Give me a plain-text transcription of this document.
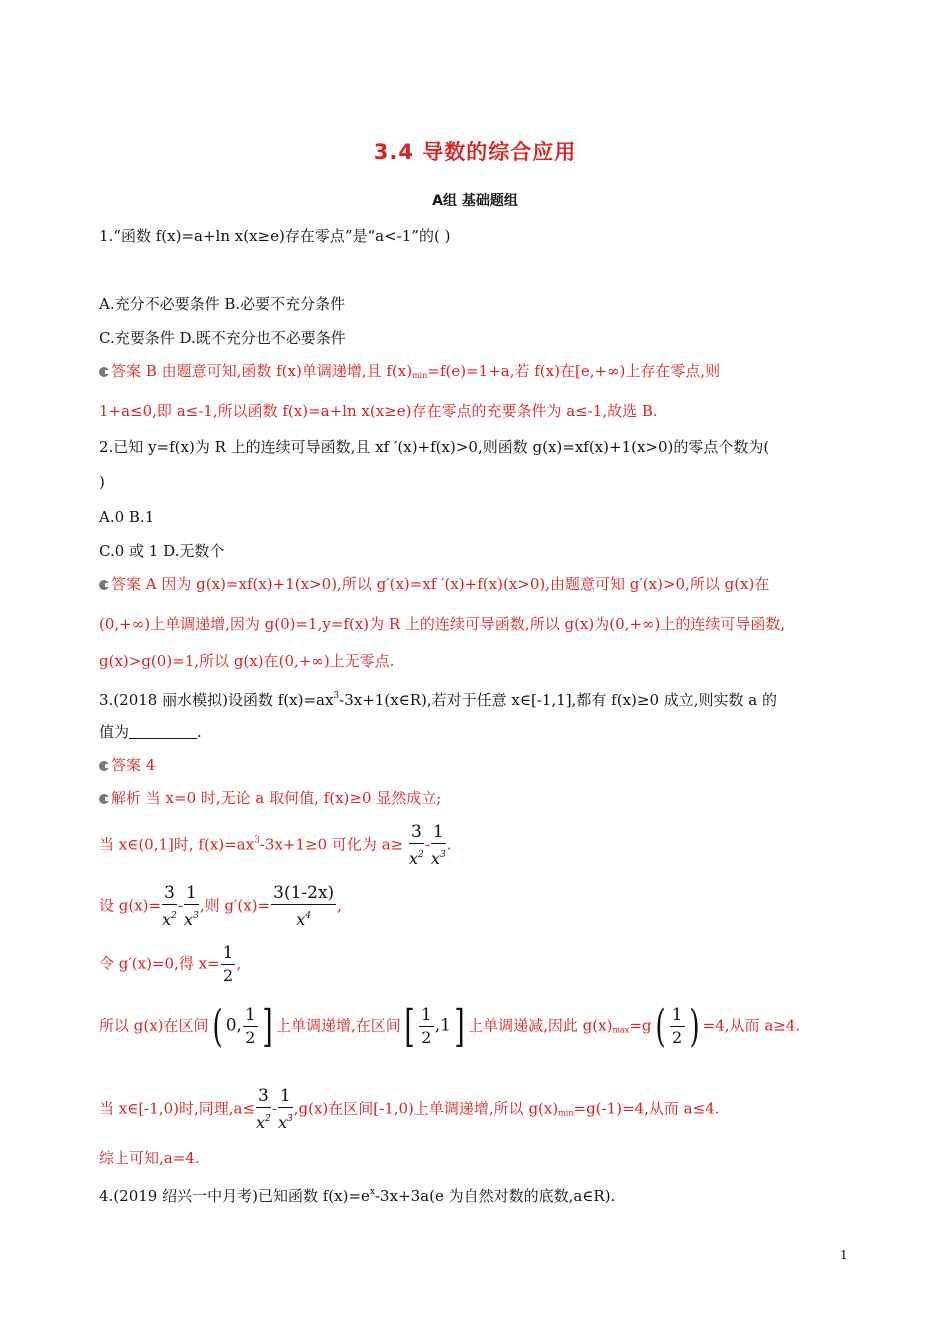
3.4 导数的综合应用
A组 基础题组
1.“函数 f(x)=a+ln x(x≥e)存在零点”是“a<-1”的( )
A.充分不必要条件 B.必要不充分条件
C.充要条件 D.既不充分也不必要条件
答案 B 由题意可知,函数 f(x)单调递增,且 $f(x)_{min}=f(e)=1+a$,若 f(x)在[e,+∞)上存在零点,则
1+a≤0,即 a≤-1,所以函数 f(x)=a+ln x(x≥e)存在零点的充要条件为 a≤-1,故选 B.
2.已知 y=f(x)为 R 上的连续可导函数,且 xf ′(x)+f(x)>0,则函数 g(x)=xf(x)+1(x>0)的零点个数为(
)
A.0 B.1
C.0 或 1 D.无数个
答案 A 因为 g(x)=xf(x)+1(x>0),所以 g′(x)=xf ′(x)+f(x)(x>0),由题意可知 g′(x)>0,所以 g(x)在
(0,+∞)上单调递增,因为 g(0)=1,y=f(x)为 R 上的连续可导函数,所以 g(x)为(0,+∞)上的连续可导函数,
g(x)>g(0)=1,所以 g(x)在(0,+∞)上无零点.
3.(2018 丽水模拟)设函数 $f(x)=ax^3-3x+1(x\in R)$,若对于任意 x∈[-1,1],都有 f(x)≥0 成立,则实数 a 的
值为	.
答案 4
解析 当 x=0 时,无论 a 取何值, f(x)≥0 显然成立;
当 x∈(0,1]时, $f(x)=ax^3-3x+1\ge 0$ 可化为 $a\ge \frac{3}{x^2} - \frac{1}{x^3}$ .
设 $g(x)= \frac{3}{x^2} - \frac{1}{x^3}$ ,则 $g'(x)= \frac{3(1-2x)}{x^4}$ ,
令 g′(x)=0,得 $x= \frac{1}{2}$ ,
所以 g(x)在区间( 0, $\frac{1}{2}$ ] 上单调递增,在区间[ $\frac{1}{2} ,1$] 上单调递减,因此 $g(x)_{max}=g( \frac{1}{2}$ ) =4,从而 a≥4.
当 x∈[-1,0)时,同理$,a\le \frac{3}{x^2} - \frac{1}{x^3} ,g(x)$在区间[-1,0)上单调递增,所以 $g(x)_{min}=g(-1)=4$,从而 a≤4.
综上可知,a=4.
4.(2019 绍兴一中月考)已知函数 $f(x)=e^x-3x+3a(e$ 为自然对数的底数,a∈R).
1
